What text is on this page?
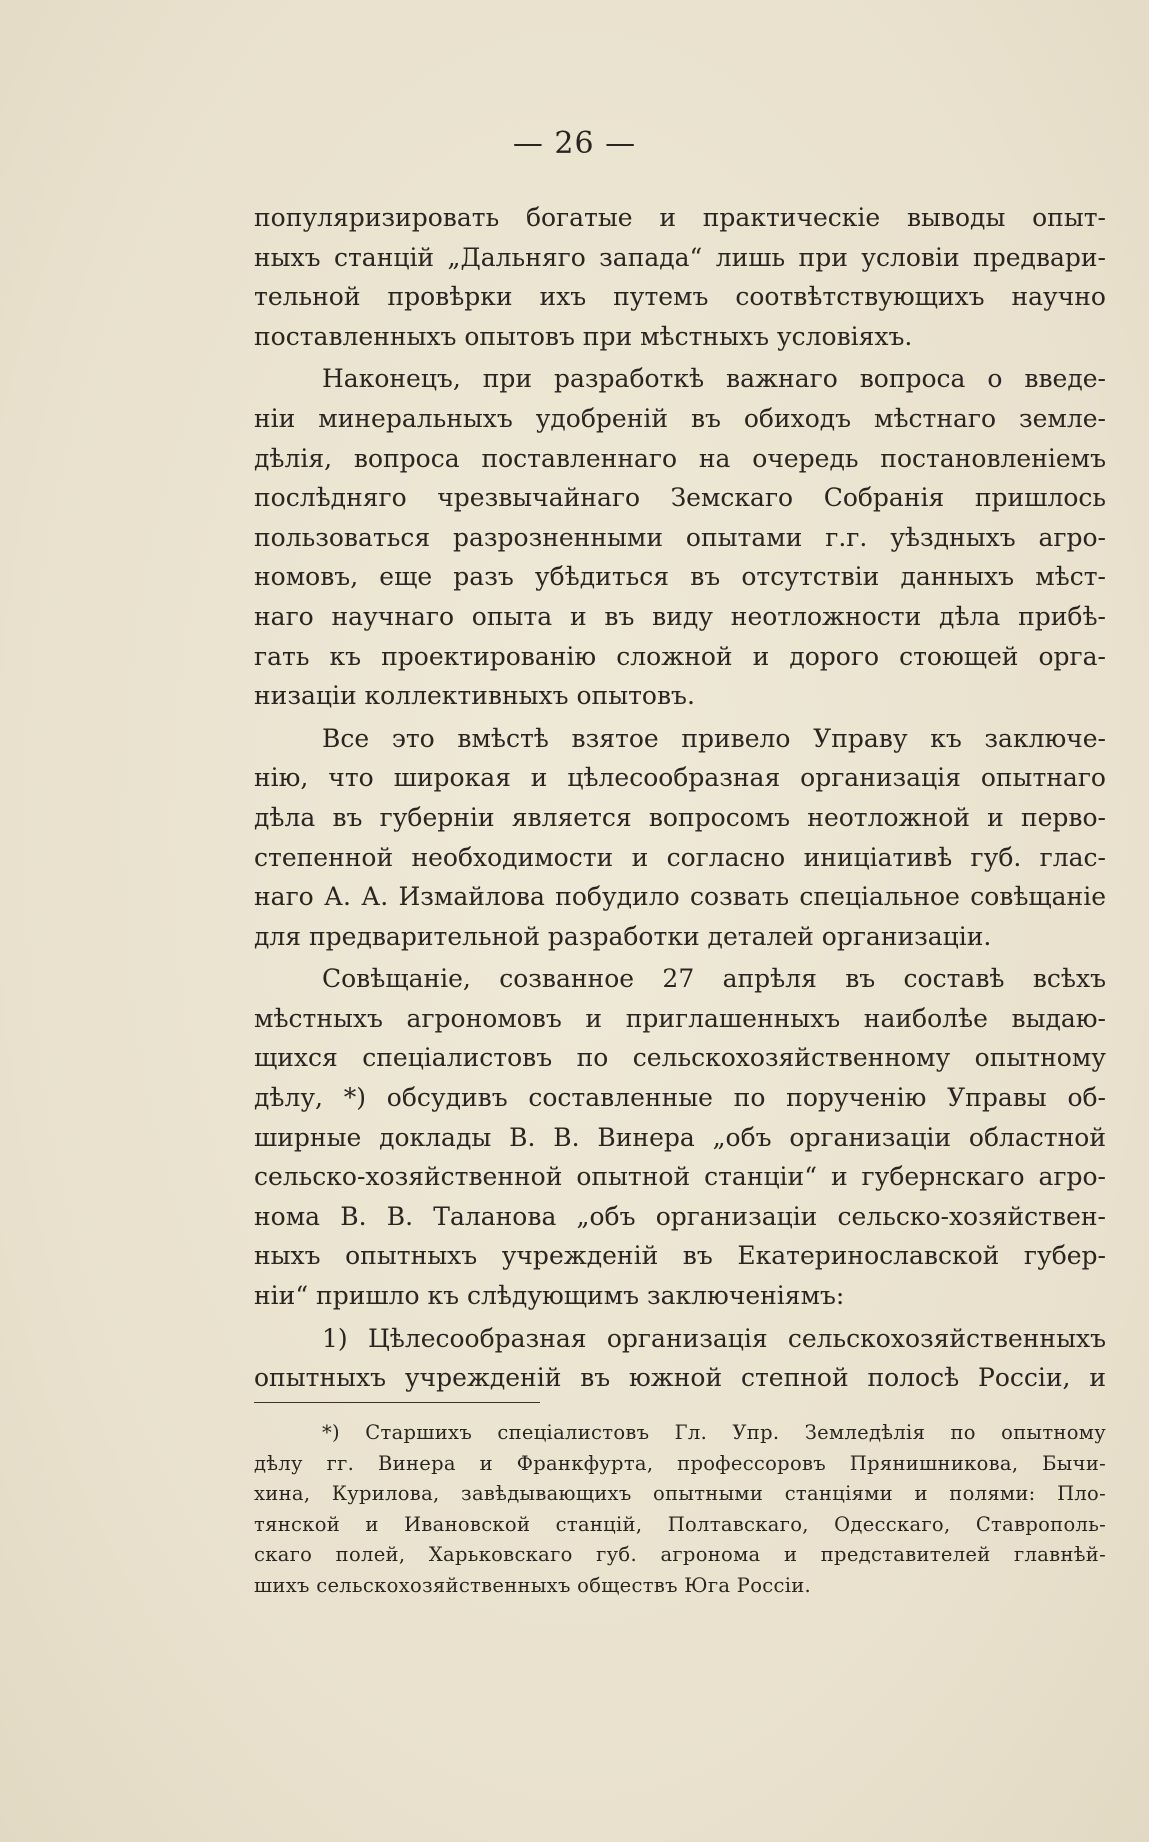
— 26 —
популяризировать богатые и практическіе выводы опыт-
ныхъ станцій „Дальняго запада“ лишь при условіи предвари-
тельной провѣрки ихъ путемъ соотвѣтствующихъ научно
поставленныхъ опытовъ при мѣстныхъ условіяхъ.
Наконецъ, при разработкѣ важнаго вопроса о введе-
ніи минеральныхъ удобреній въ обиходъ мѣстнаго земле-
дѣлія, вопроса поставленнаго на очередь постановленіемъ
послѣдняго чрезвычайнаго Земскаго Собранія пришлось
пользоваться разрозненными опытами г.г. уѣздныхъ агро-
номовъ, еще разъ убѣдиться въ отсутствіи данныхъ мѣст-
наго научнаго опыта и въ виду неотложности дѣла прибѣ-
гать къ проектированію сложной и дорого стоющей орга-
низаціи коллективныхъ опытовъ.
Все это вмѣстѣ взятое привело Управу къ заключе-
нію, что широкая и цѣлесообразная организація опытнаго
дѣла въ губерніи является вопросомъ неотложной и перво-
степенной необходимости и согласно иниціативѣ губ. глас-
наго А. А. Измайлова побудило созвать спеціальное совѣщаніе
для предварительной разработки деталей организаціи.
Совѣщаніе, созванное 27 апрѣля въ составѣ всѣхъ
мѣстныхъ агрономовъ и приглашенныхъ наиболѣе выдаю-
щихся спеціалистовъ по сельскохозяйственному опытному
дѣлу, *) обсудивъ составленные по порученію Управы об-
ширные доклады В. В. Винера „объ организаціи областной
сельско-хозяйственной опытной станціи“ и губернскаго агро-
нома В. В. Таланова „объ организаціи сельско-хозяйствен-
ныхъ опытныхъ учрежденій въ Екатеринославской губер-
ніи“ пришло къ слѣдующимъ заключеніямъ:
1) Цѣлесообразная организація сельскохозяйственныхъ
опытныхъ учрежденій въ южной степной полосѣ Россіи, и
*) Старшихъ спеціалистовъ Гл. Упр. Земледѣлія по опытному
дѣлу гг. Винера и Франкфурта, профессоровъ Прянишникова, Бычи-
хина, Курилова, завѣдывающихъ опытными станціями и полями: Пло-
тянской и Ивановской станцій, Полтавскаго, Одесскаго, Ставрополь-
скаго полей, Харьковскаго губ. агронома и представителей главнѣй-
шихъ сельскохозяйственныхъ обществъ Юга Россіи.
